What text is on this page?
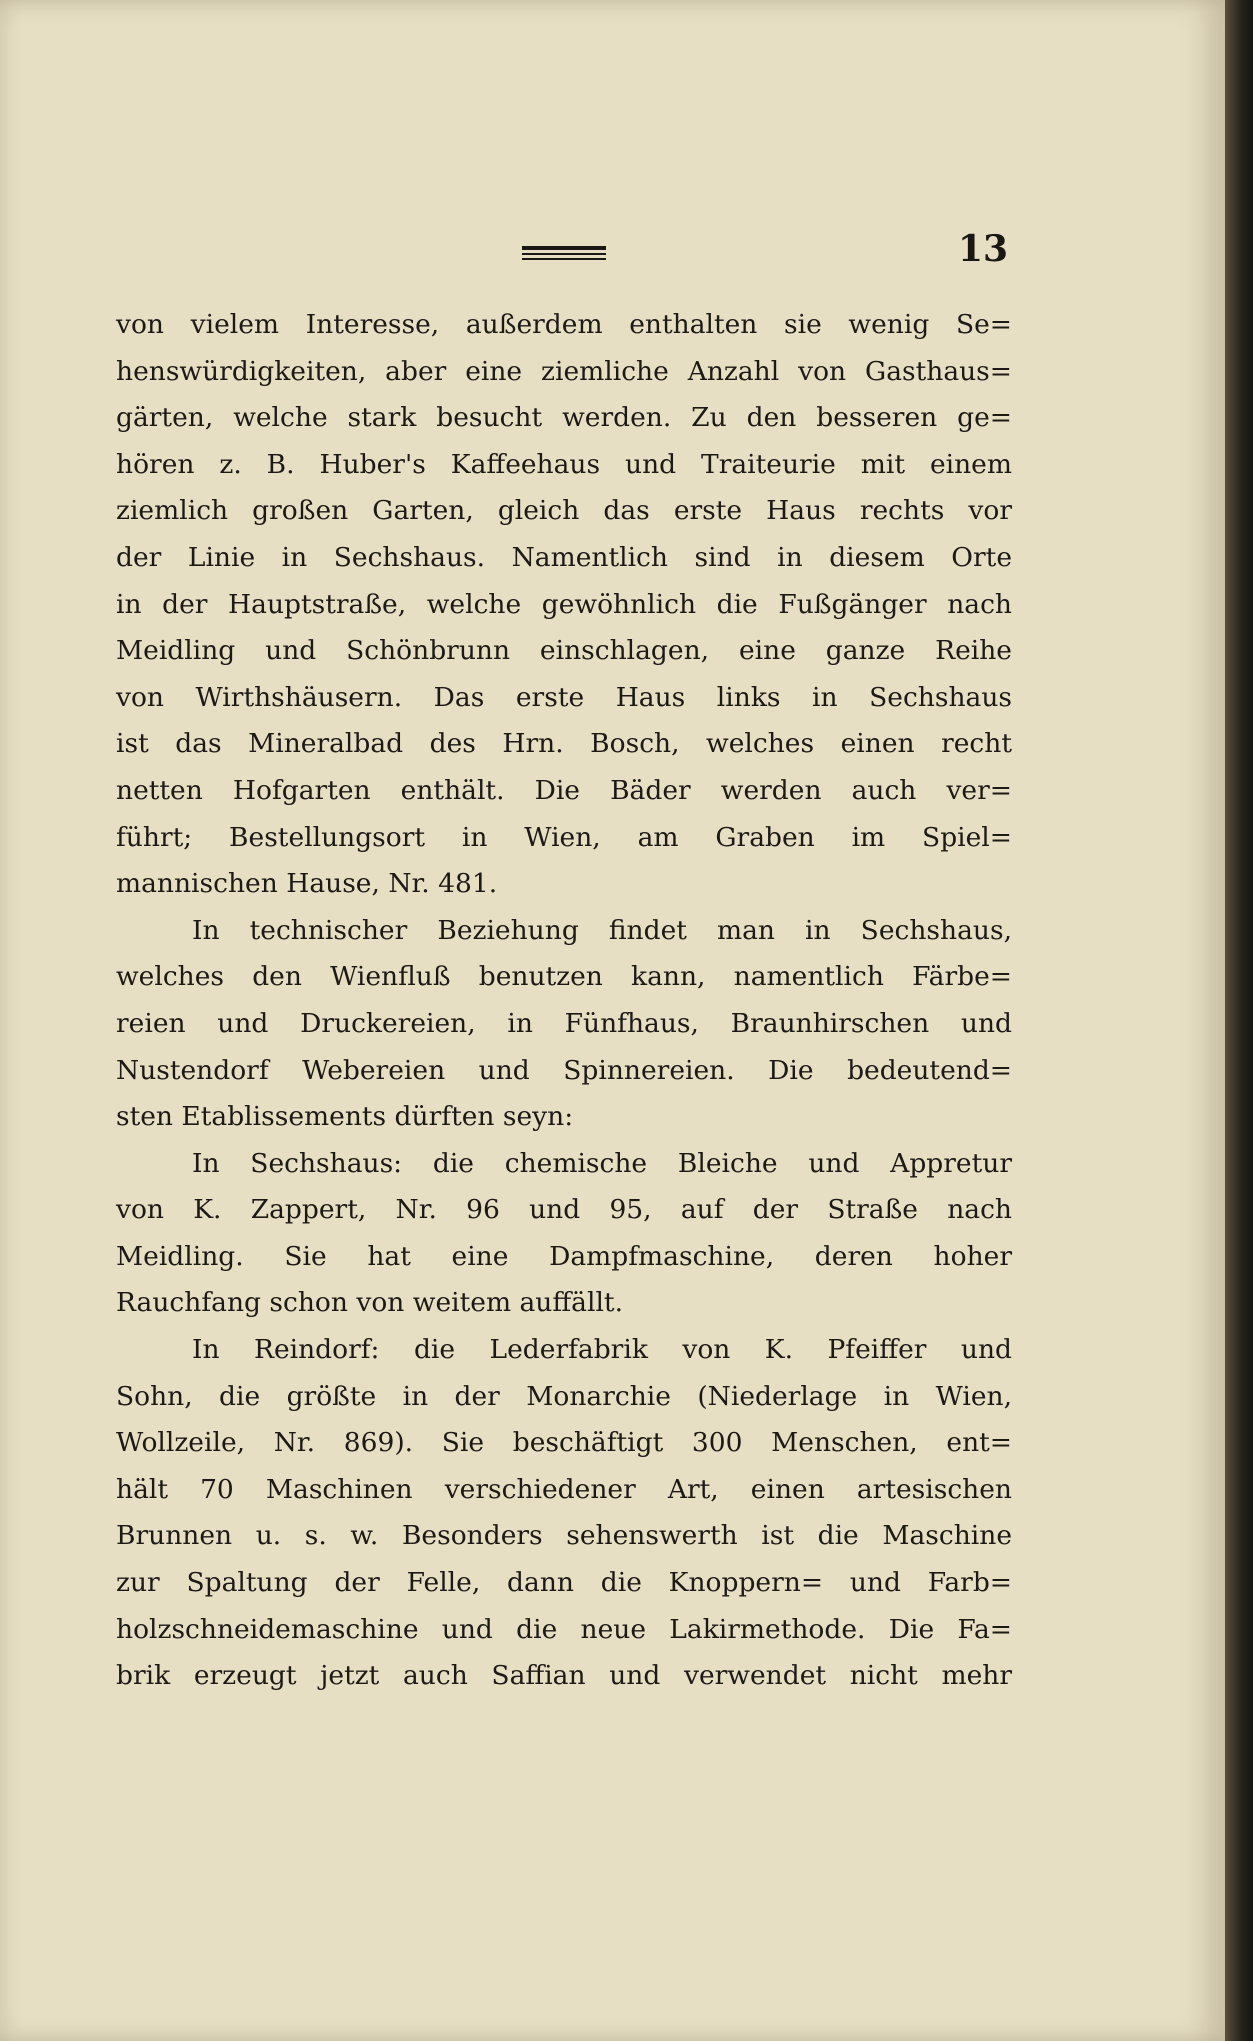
13
von vielem Interesse, außerdem enthalten sie wenig Se=
henswürdigkeiten, aber eine ziemliche Anzahl von Gasthaus=
gärten, welche stark besucht werden. Zu den besseren ge=
hören z. B. Huber's Kaffeehaus und Traiteurie mit einem
ziemlich großen Garten, gleich das erste Haus rechts vor
der Linie in Sechshaus. Namentlich sind in diesem Orte
in der Hauptstraße, welche gewöhnlich die Fußgänger nach
Meidling und Schönbrunn einschlagen, eine ganze Reihe
von Wirthshäusern. Das erste Haus links in Sechshaus
ist das Mineralbad des Hrn. Bosch, welches einen recht
netten Hofgarten enthält. Die Bäder werden auch ver=
führt; Bestellungsort in Wien, am Graben im Spiel=
mannischen Hause, Nr. 481.
In technischer Beziehung findet man in Sechshaus,
welches den Wienfluß benutzen kann, namentlich Färbe=
reien und Druckereien, in Fünfhaus, Braunhirschen und
Nustendorf Webereien und Spinnereien. Die bedeutend=
sten Etablissements dürften seyn:
In Sechshaus: die chemische Bleiche und Appretur
von K. Zappert, Nr. 96 und 95, auf der Straße nach
Meidling. Sie hat eine Dampfmaschine, deren hoher
Rauchfang schon von weitem auffällt.
In Reindorf: die Lederfabrik von K. Pfeiffer und
Sohn, die größte in der Monarchie (Niederlage in Wien,
Wollzeile, Nr. 869). Sie beschäftigt 300 Menschen, ent=
hält 70 Maschinen verschiedener Art, einen artesischen
Brunnen u. s. w. Besonders sehenswerth ist die Maschine
zur Spaltung der Felle, dann die Knoppern= und Farb=
holzschneidemaschine und die neue Lakirmethode. Die Fa=
brik erzeugt jetzt auch Saffian und verwendet nicht mehr
